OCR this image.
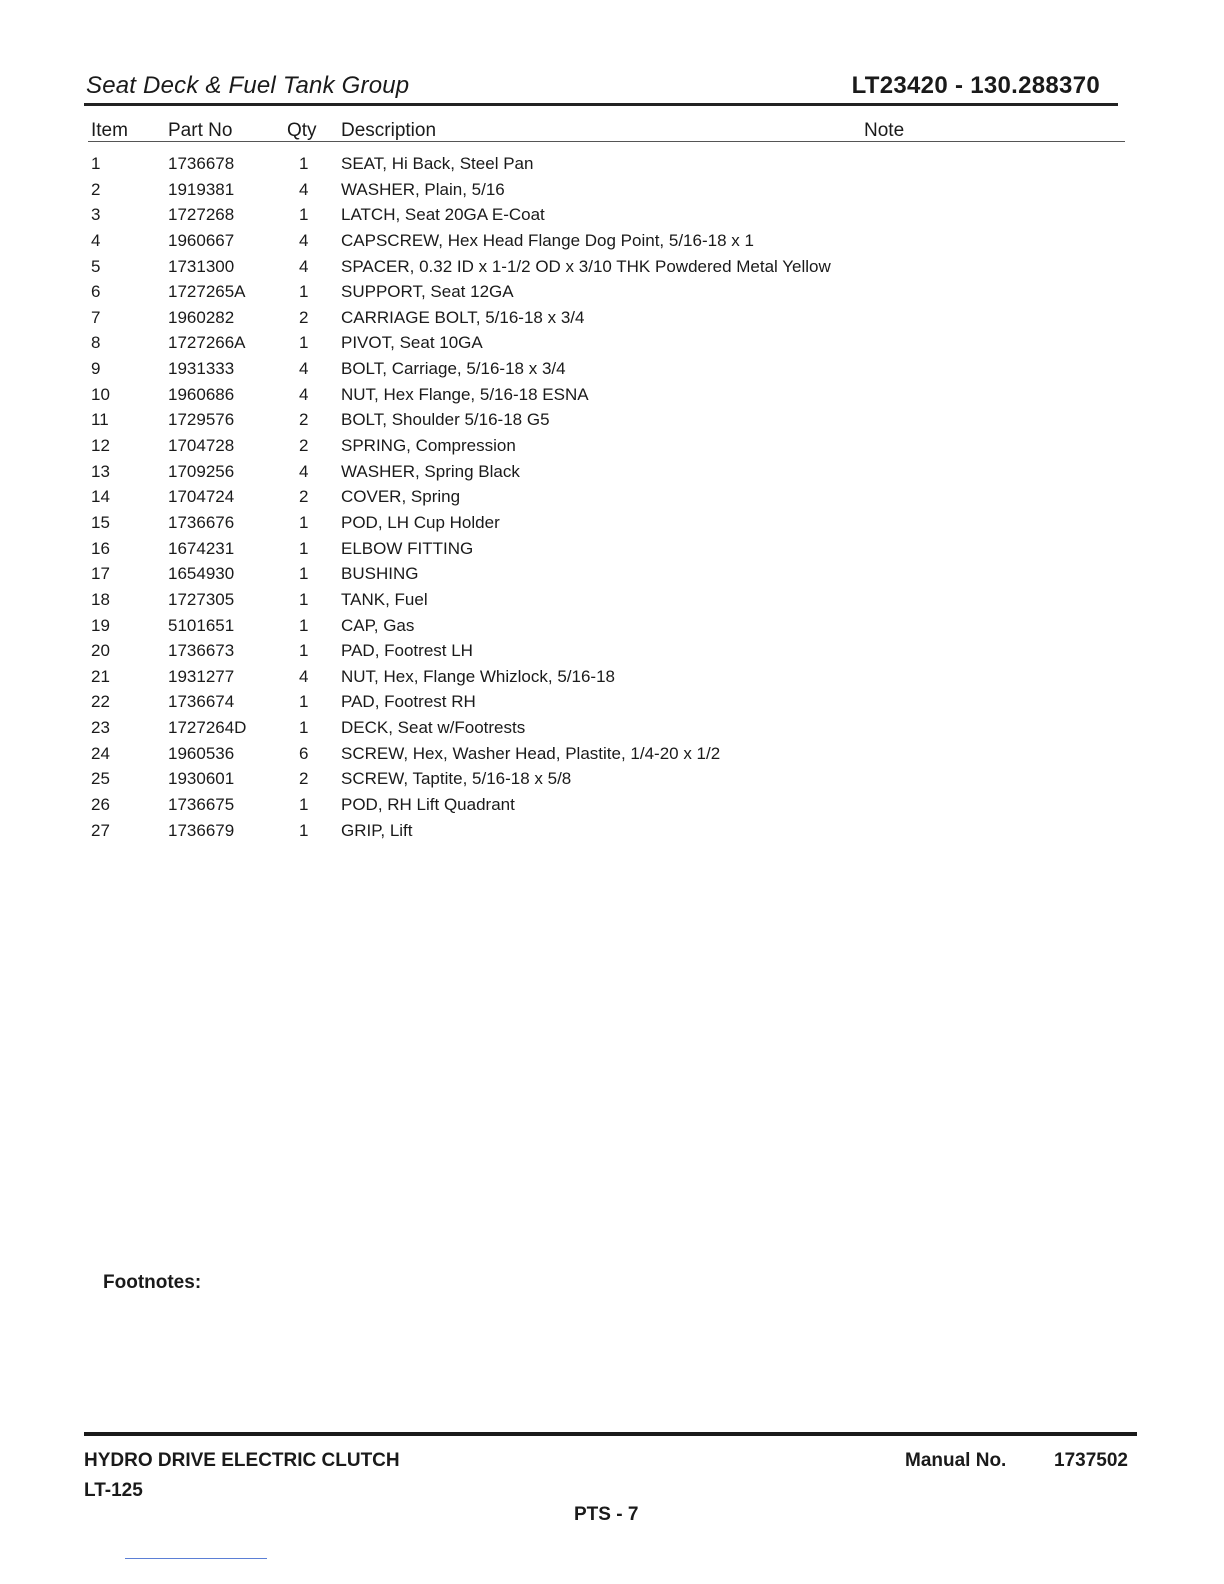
Seat Deck & Fuel Tank Group	LT23420 - 130.288370
Item Part No	Qty Description	Note
1	1736678	1 SEAT, Hi Back, Steel Pan
2	1919381	4 WASHER, Plain, 5/16
3	1727268	1 LATCH, Seat 20GA E-Coat
4	1960667	4 CAPSCREW, Hex Head Flange Dog Point, 5/16-18 x 1
5	1731300	4 SPACER, 0.32 ID x 1-1/2 OD x 3/10 THK Powdered Metal Yellow
6	1727265A	1 SUPPORT, Seat 12GA
7	1960282	2 CARRIAGE BOLT, 5/16-18 x 3/4
8	1727266A	1 PIVOT, Seat 10GA
9	1931333	4 BOLT, Carriage, 5/16-18 x 3/4
10	1960686	4 NUT, Hex Flange, 5/16-18 ESNA
11	1729576	2 BOLT, Shoulder 5/16-18 G5
12	1704728	2 SPRING, Compression
13	1709256	4 WASHER, Spring Black
14	1704724	2 COVER, Spring
15	1736676	1 POD, LH Cup Holder
16	1674231	1 ELBOW FITTING
17	1654930	1 BUSHING
18	1727305	1 TANK, Fuel
19	5101651	1 CAP, Gas
20	1736673	1 PAD, Footrest LH
21	1931277	4 NUT, Hex, Flange Whizlock, 5/16-18
22	1736674	1 PAD, Footrest RH
23	1727264D	1 DECK, Seat w/Footrests
24	1960536	6 SCREW, Hex, Washer Head, Plastite, 1/4-20 x 1/2
25	1930601	2 SCREW, Taptite, 5/16-18 x 5/8
26	1736675	1 POD, RH Lift Quadrant
27	1736679	1 GRIP, Lift
Footnotes:
HYDRO DRIVE ELECTRIC CLUTCH
LT-125
Manual No.	1737502
PTS - 7
